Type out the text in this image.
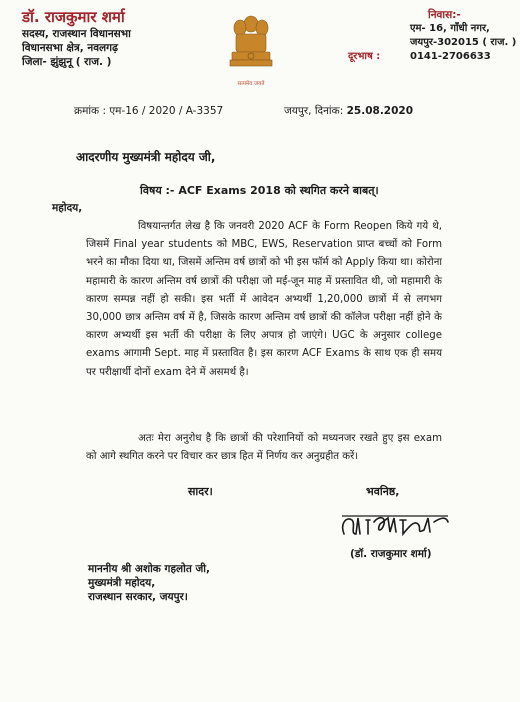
डॉ. राजकुमार शर्मा
सदस्य, राजस्थान विधानसभा
विधानसभा क्षेत्र, नवलगढ़
जिला- झुंझुनू ( राज. )
सत्यमेव जयते
निवास:-
एम- 16, गाँधी नगर,
जयपुर-302015 ( राज. )
दूरभाष :	0141-2706633
क्रमांक : एम-16 / 2020 / A-3357	जयपुर, दिनांक: 25.08.2020
आदरणीय मुख्यमंत्री महोदय जी,
विषय :- ACF Exams 2018 को स्थगित करने बाबत्।
महोदय,
विषयान्तर्गत लेख है कि जनवरी 2020 ACF के Form Reopen किये गये थे, जिसमें Final year students को MBC, EWS, Reservation प्राप्त बच्चों को Form भरने का मौका दिया था, जिसमें अन्तिम वर्ष छात्रों को भी इस फॉर्म को Apply किया था। कोरोना महामारी के कारण अन्तिम वर्ष छात्रों की परीक्षा जो मई-जून माह में प्रस्तावित थी, जो महामारी के कारण सम्पन्न नहीं हो सकी। इस भर्ती में आवेदन अभ्यर्थी 1,20,000 छात्रों में से लगभग 30,000 छात्र अन्तिम वर्ष में है, जिसके कारण अन्तिम वर्ष छात्रों की कॉलेज परीक्षा नहीं होने के कारण अभ्यर्थी इस भर्ती की परीक्षा के लिए अपात्र हो जाएंगे। UGC के अनुसार college exams आगामी Sept. माह में प्रस्तावित है। इस कारण ACF Exams के साथ एक ही समय पर परीक्षार्थी दोनों exam देने में असमर्थ है।
अतः मेरा अनुरोध है कि छात्रों की परेशानियों को मध्यनजर रखते हुए इस exam को आगे स्थगित करने पर विचार कर छात्र हित में निर्णय कर अनुग्रहीत करें।
सादर।	भवनिष्ठ,
(डॉ. राजकुमार शर्मा)
माननीय श्री अशोक गहलोत जी,
मुख्यमंत्री महोदय,
राजस्थान सरकार, जयपुर।
